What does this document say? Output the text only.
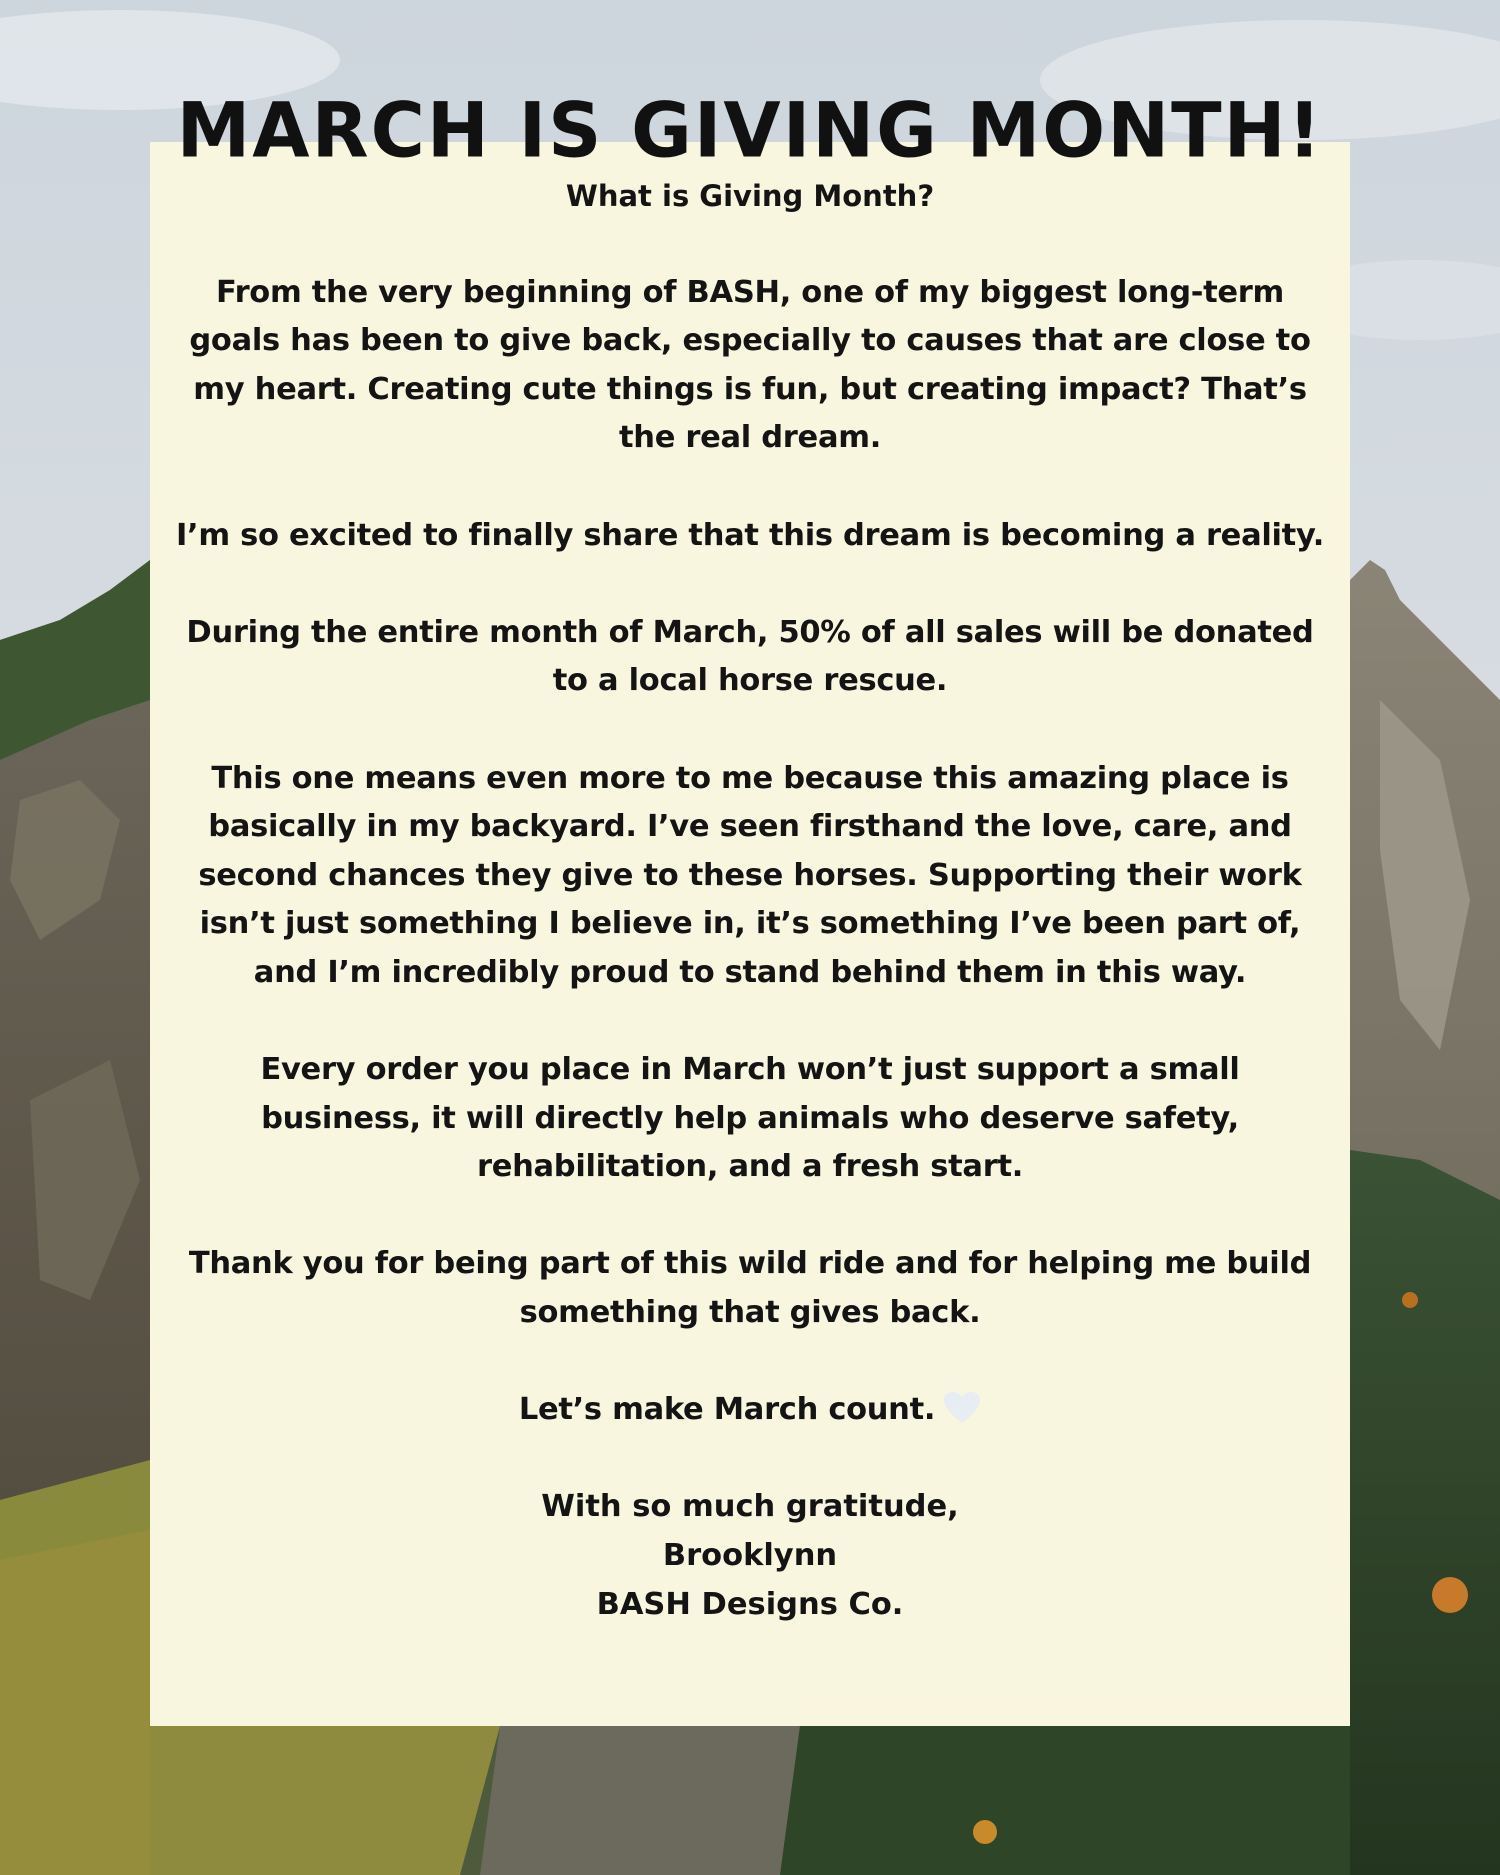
MARCH IS GIVING MONTH!

What is Giving Month?

From the very beginning of BASH, one of my biggest long-term goals has been to give back, especially to causes that are close to my heart. Creating cute things is fun, but creating impact? That’s the real dream.

I’m so excited to finally share that this dream is becoming a reality.

During the entire month of March, 50% of all sales will be donated to a local horse rescue.

This one means even more to me because this amazing place is basically in my backyard. I’ve seen firsthand the love, care, and second chances they give to these horses. Supporting their work isn’t just something I believe in, it’s something I’ve been part of, and I’m incredibly proud to stand behind them in this way.

Every order you place in March won’t just support a small business, it will directly help animals who deserve safety, rehabilitation, and a fresh start.

Thank you for being part of this wild ride and for helping me build something that gives back.

Let’s make March count.

With so much gratitude,
Brooklynn
BASH Designs Co.
